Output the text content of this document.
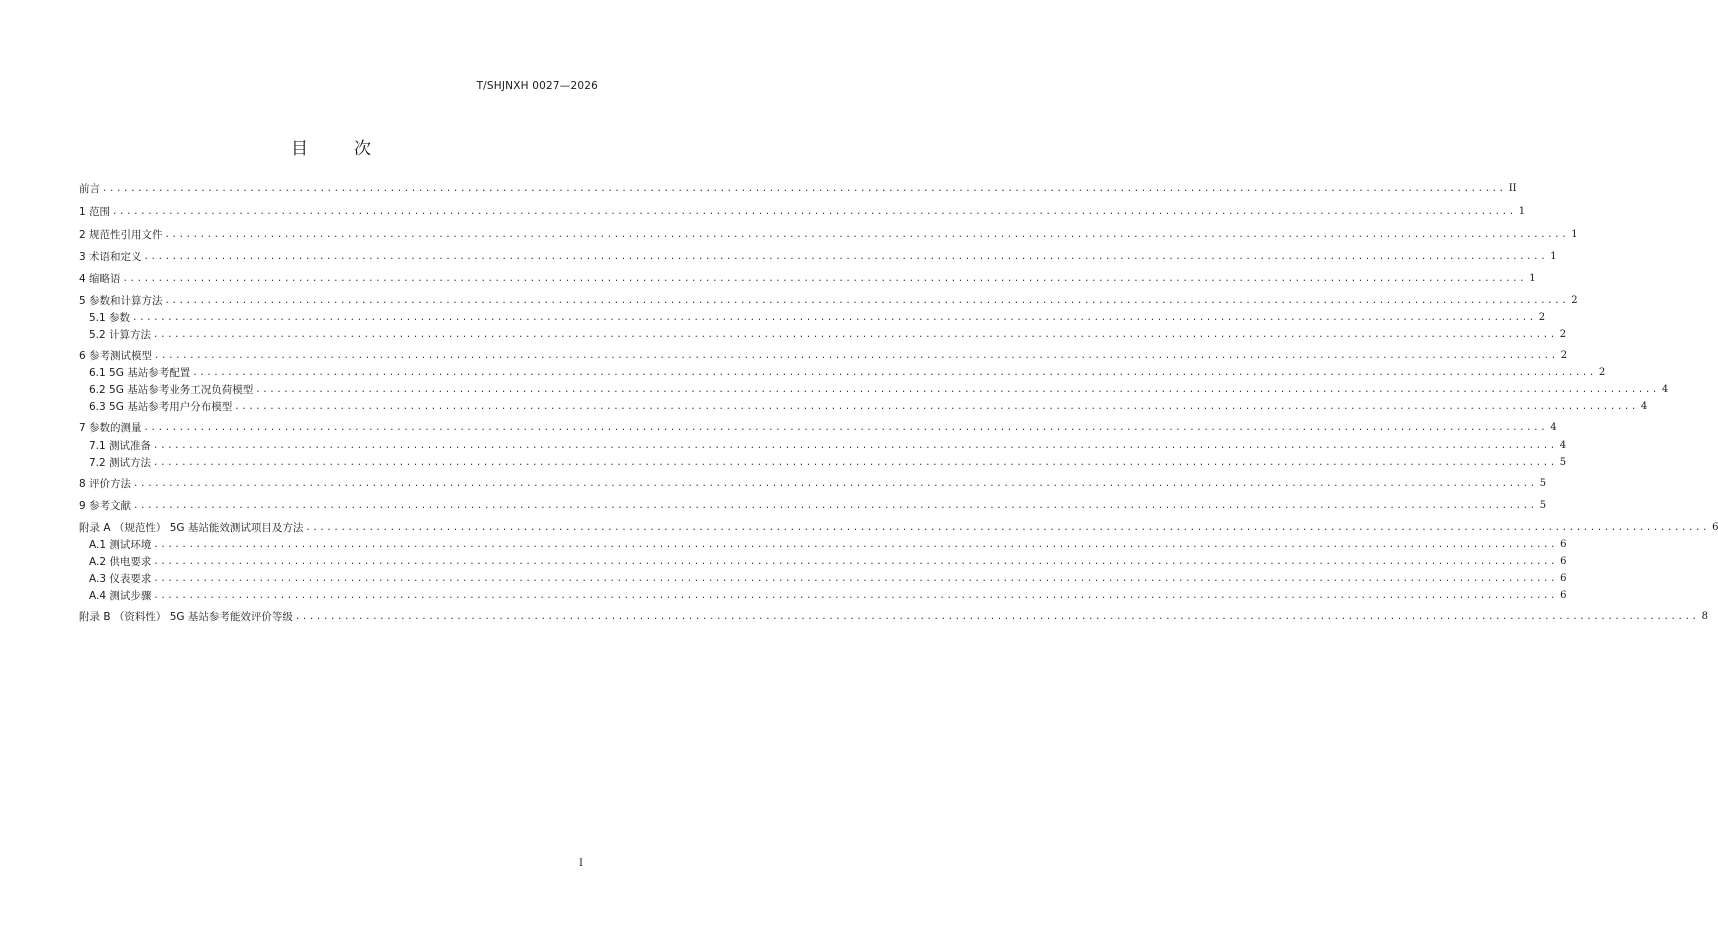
T/SHJNXH 0027—2026
目	次
前言 ........................................................................................................................................................................................................ II
1 范围 ........................................................................................................................................................................................................ 1
2 规范性引用文件 ........................................................................................................................................................................................................ 1
3 术语和定义 ........................................................................................................................................................................................................ 1
4 缩略语 ........................................................................................................................................................................................................ 1
5 参数和计算方法 ........................................................................................................................................................................................................ 2
5.1 参数 ........................................................................................................................................................................................................ 2
5.2 计算方法 ........................................................................................................................................................................................................ 2
6 参考测试模型 ........................................................................................................................................................................................................ 2
6.1 5G 基站参考配置 ........................................................................................................................................................................................................ 2
6.2 5G 基站参考业务工况负荷模型 ........................................................................................................................................................................................................ 4
6.3 5G 基站参考用户分布模型 ........................................................................................................................................................................................................ 4
7 参数的测量 ........................................................................................................................................................................................................ 4
7.1 测试准备 ........................................................................................................................................................................................................ 4
7.2 测试方法 ........................................................................................................................................................................................................ 5
8 评价方法 ........................................................................................................................................................................................................ 5
9 参考文献 ........................................................................................................................................................................................................ 5
附录 A （规范性） 5G 基站能效测试项目及方法 ........................................................................................................................................................................................................ 6
A.1 测试环境 ........................................................................................................................................................................................................ 6
A.2 供电要求 ........................................................................................................................................................................................................ 6
A.3 仪表要求 ........................................................................................................................................................................................................ 6
A.4 测试步骤 ........................................................................................................................................................................................................ 6
附录 B （资料性） 5G 基站参考能效评价等级 ........................................................................................................................................................................................................ 8
I
